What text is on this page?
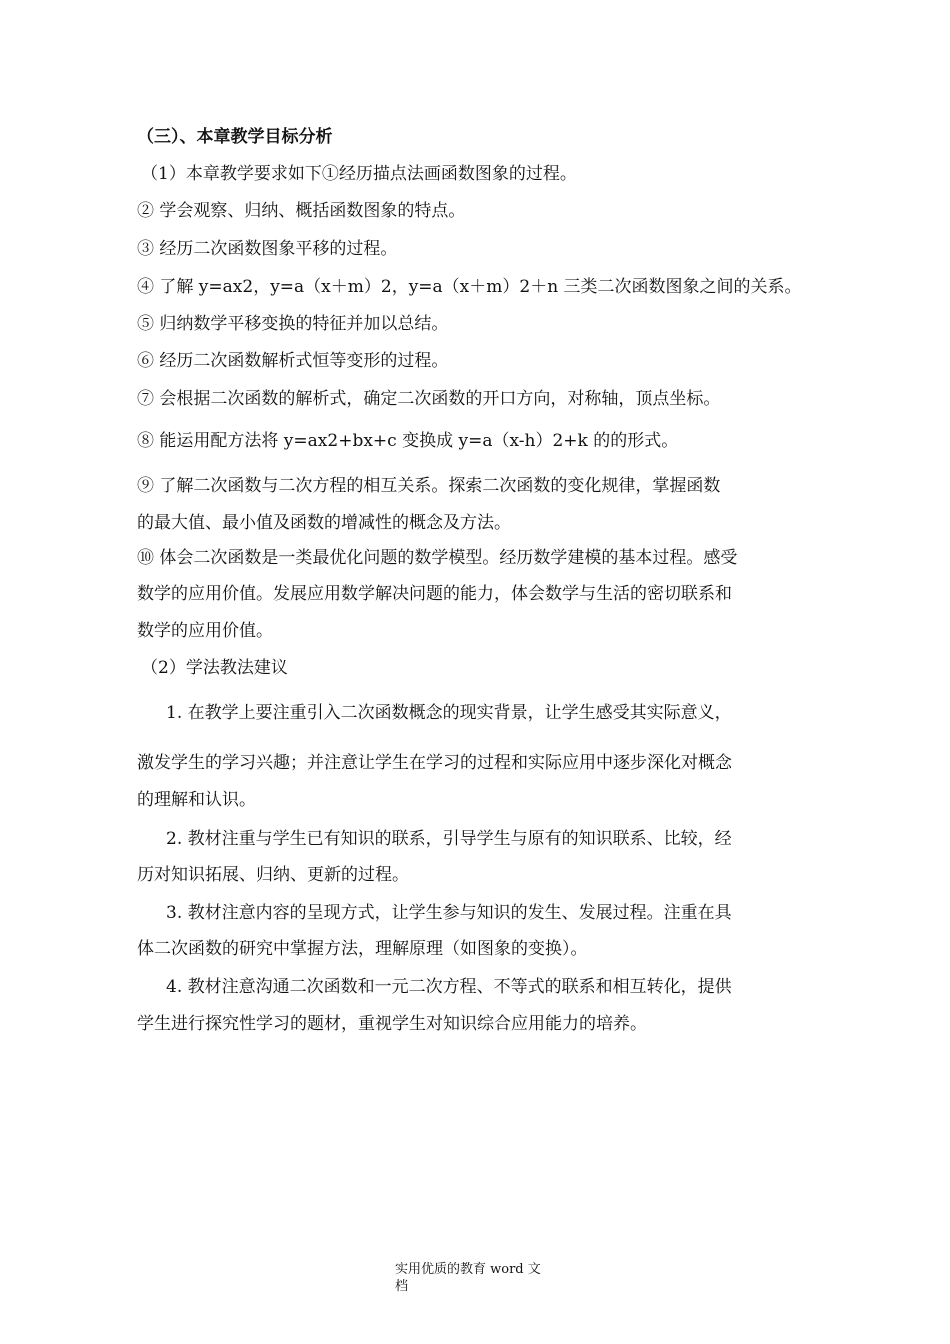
（三）、本章教学目标分析
（1）本章教学要求如下①经历描点法画函数图象的过程。
② 学会观察、归纳、概括函数图象的特点。
③ 经历二次函数图象平移的过程。
④ 了解 y=ax2，y=a（x＋m）2，y=a（x＋m）2＋n 三类二次函数图象之间的关系。
⑤ 归纳数学平移变换的特征并加以总结。
⑥ 经历二次函数解析式恒等变形的过程。
⑦ 会根据二次函数的解析式，确定二次函数的开口方向，对称轴，顶点坐标。
⑧ 能运用配方法将 y=ax2+bx+c 变换成 y=a（x-h）2+k 的的形式。
⑨ 了解二次函数与二次方程的相互关系。探索二次函数的变化规律，掌握函数
的最大值、最小值及函数的增减性的概念及方法。
⑩ 体会二次函数是一类最优化问题的数学模型。经历数学建模的基本过程。感受
数学的应用价值。发展应用数学解决问题的能力，体会数学与生活的密切联系和
数学的应用价值。
（2）学法教法建议
1. 在教学上要注重引入二次函数概念的现实背景，让学生感受其实际意义，
激发学生的学习兴趣；并注意让学生在学习的过程和实际应用中逐步深化对概念
的理解和认识。
2. 教材注重与学生已有知识的联系，引导学生与原有的知识联系、比较，经
历对知识拓展、归纳、更新的过程。
3. 教材注意内容的呈现方式，让学生参与知识的发生、发展过程。注重在具
体二次函数的研究中掌握方法，理解原理（如图象的变换）。
4. 教材注意沟通二次函数和一元二次方程、不等式的联系和相互转化，提供
学生进行探究性学习的题材，重视学生对知识综合应用能力的培养。
实用优质的教育 word 文
档
